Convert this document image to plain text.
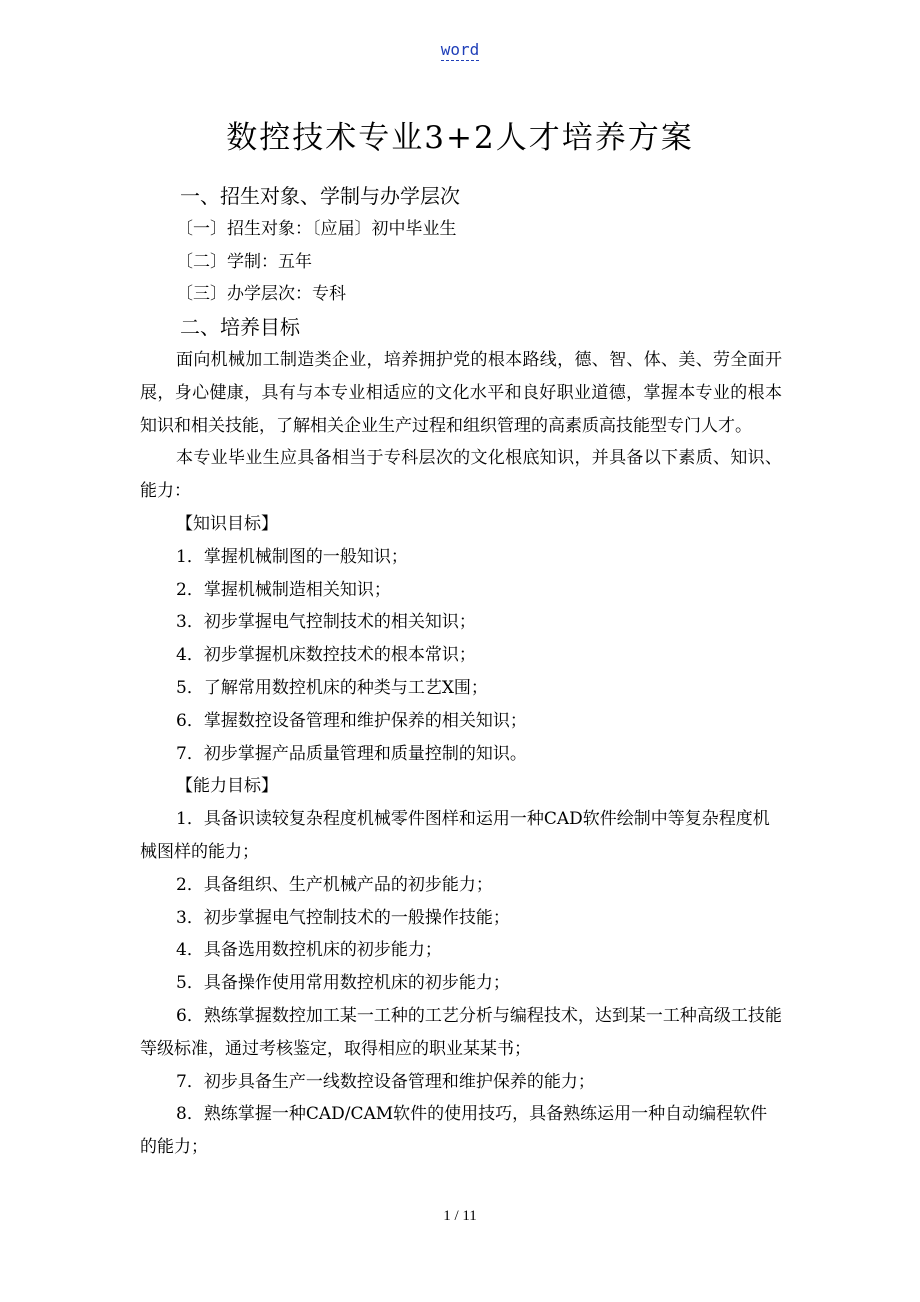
word
数控技术专业3+2人才培养方案
一、招生对象、学制与办学层次
〔一〕招生对象：〔应届〕初中毕业生
〔二〕学制：五年
〔三〕办学层次：专科
二、培养目标

面向机械加工制造类企业，培养拥护党的根本路线，德、智、体、美、劳全面开展，身心健康，具有与本专业相适应的文化水平和良好职业道德，掌握本专业的根本知识和相关技能，了解相关企业生产过程和组织管理的高素质高技能型专门人才。

本专业毕业生应具备相当于专科层次的文化根底知识，并具备以下素质、知识、能力：

【知识目标】
1．掌握机械制图的一般知识；
2．掌握机械制造相关知识；
3．初步掌握电气控制技术的相关知识；
4．初步掌握机床数控技术的根本常识；
5．了解常用数控机床的种类与工艺X围；
6．掌握数控设备管理和维护保养的相关知识；
7．初步掌握产品质量管理和质量控制的知识。
【能力目标】

1．具备识读较复杂程度机械零件图样和运用一种CAD软件绘制中等复杂程度机械图样的能力；

2．具备组织、生产机械产品的初步能力；
3．初步掌握电气控制技术的一般操作技能；
4．具备选用数控机床的初步能力；
5．具备操作使用常用数控机床的初步能力；

6．熟练掌握数控加工某一工种的工艺分析与编程技术，达到某一工种高级工技能等级标准，通过考核鉴定，取得相应的职业某某书；

7．初步具备生产一线数控设备管理和维护保养的能力；

8．熟练掌握一种CAD/CAM软件的使用技巧，具备熟练运用一种自动编程软件的能力；

1 / 11
